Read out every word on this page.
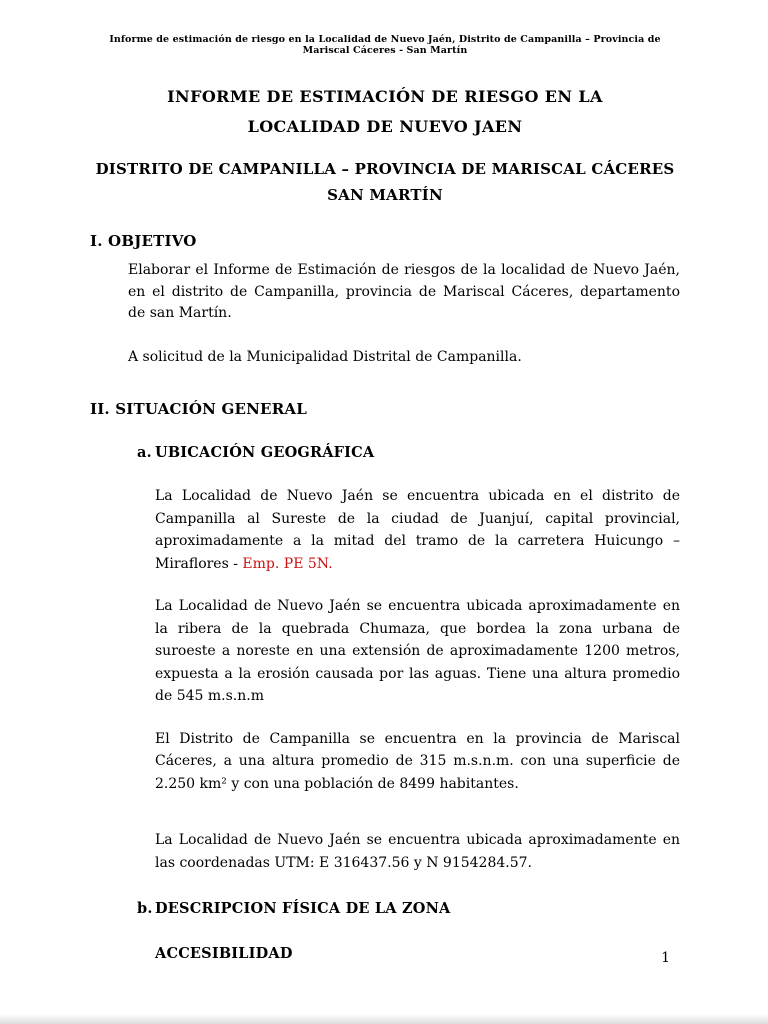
Informe de estimación de riesgo en la Localidad de Nuevo Jaén, Distrito de Campanilla – Provincia de Mariscal Cáceres - San Martín
INFORME DE ESTIMACIÓN DE RIESGO EN LA
LOCALIDAD DE NUEVO JAEN
DISTRITO DE CAMPANILLA – PROVINCIA DE MARISCAL CÁCERES
SAN MARTÍN
I. OBJETIVO

Elaborar el Informe de Estimación de riesgos de la localidad de Nuevo Jaén, en el distrito de Campanilla, provincia de Mariscal Cáceres, departamento de san Martín.

A solicitud de la Municipalidad Distrital de Campanilla.

II. SITUACIÓN GENERAL
a. UBICACIÓN GEOGRÁFICA

La Localidad de Nuevo Jaén se encuentra ubicada en el distrito de Campanilla al Sureste de la ciudad de Juanjuí, capital provincial, aproximadamente a la mitad del tramo de la carretera Huicungo – Miraflores - Emp. PE 5N.

La Localidad de Nuevo Jaén se encuentra ubicada aproximadamente en la ribera de la quebrada Chumaza, que bordea la zona urbana de suroeste a noreste en una extensión de aproximadamente 1200 metros, expuesta a la erosión causada por las aguas. Tiene una altura promedio de 545 m.s.n.m

El Distrito de Campanilla se encuentra en la provincia de Mariscal Cáceres, a una altura promedio de 315 m.s.n.m. con una superficie de 2.250 km² y con una población de 8499 habitantes.

La Localidad de Nuevo Jaén se encuentra ubicada aproximadamente en las coordenadas UTM: E 316437.56 y N 9154284.57.

b. DESCRIPCION FÍSICA DE LA ZONA
ACCESIBILIDAD	1
